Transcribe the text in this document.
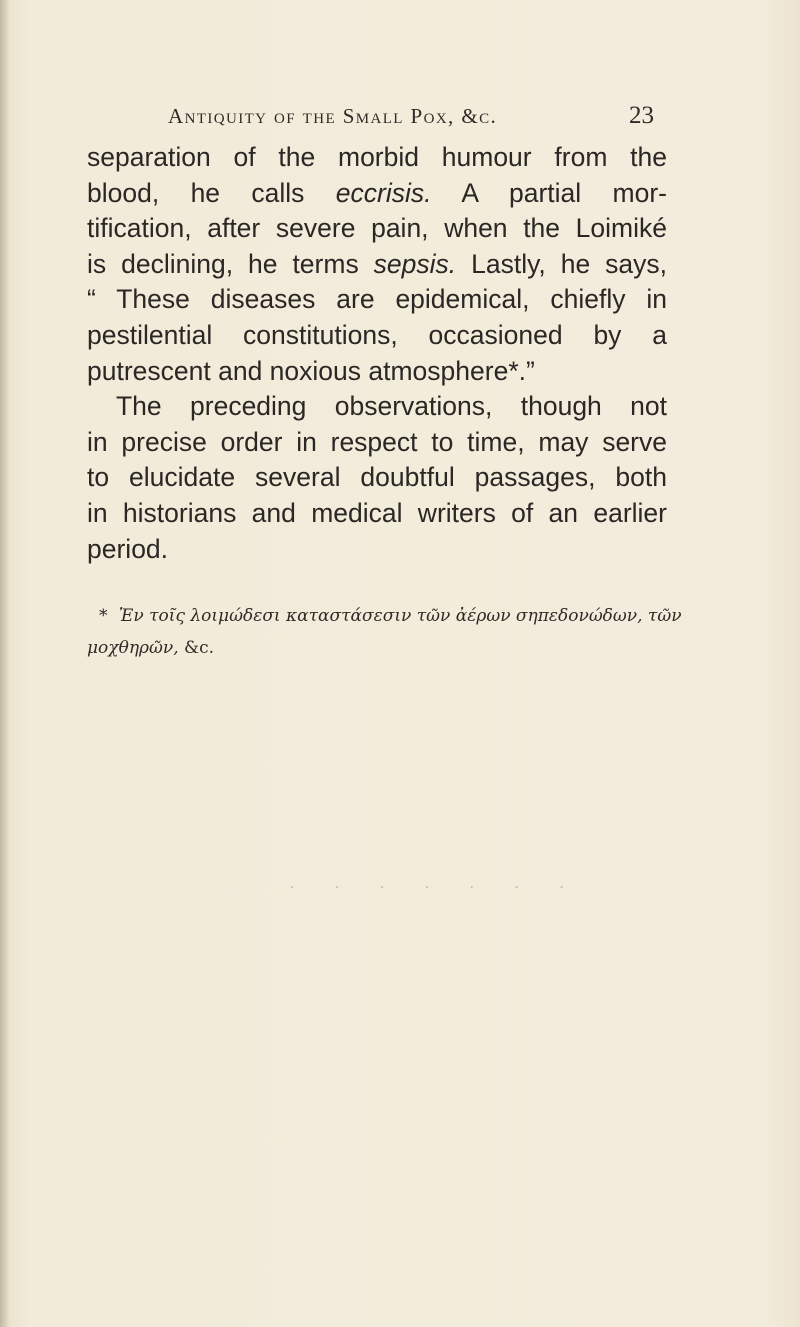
Antiquity of the Small Pox, &c.	23
separation of the morbid humour from the
blood, he calls eccrisis. A partial mor-
tification, after severe pain, when the Loimiké
is declining, he terms sepsis. Lastly, he says,
“ These diseases are epidemical, chiefly in
pestilential constitutions, occasioned by a
putrescent and noxious atmosphere*.”
The preceding observations, though not
in precise order in respect to time, may serve
to elucidate several doubtful passages, both
in historians and medical writers of an earlier
period.
* Ἐν τοῖς λοιμώδεσι καταστάσεσιν τῶν ἀέρων σηπεδονώδων, τῶν
μοχθηρῶν, &c.
· · · · · · ·
